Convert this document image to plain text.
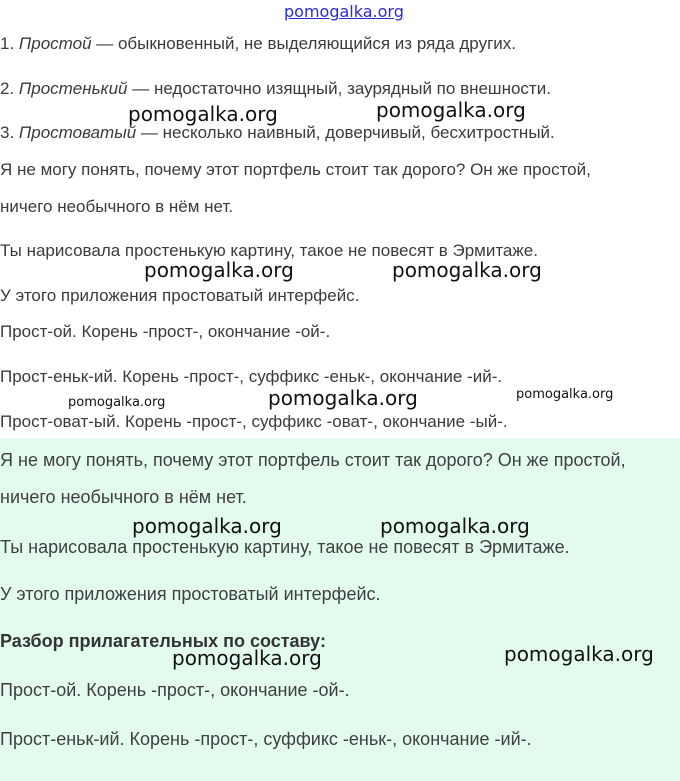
pomogalka.org
1. Простой — обыкновенный, не выделяющийся из ряда других.
2. Простенький — недостаточно изящный, заурядный по внешности.
3. Простоватый — несколько наивный, доверчивый, бесхитростный.
Я не могу понять, почему этот портфель стоит так дорого? Он же простой,
ничего необычного в нём нет.
Ты нарисовала простенькую картину, такое не повесят в Эрмитаже.
У этого приложения простоватый интерфейс.
Прост-ой. Корень -прост-, окончание -ой-.
Прост-еньк-ий. Корень -прост-, суффикс -еньк-, окончание -ий-.
Прост-оват-ый. Корень -прост-, суффикс -оват-, окончание -ый-.
Я не могу понять, почему этот портфель стоит так дорого? Он же простой,
ничего необычного в нём нет.
Ты нарисовала простенькую картину, такое не повесят в Эрмитаже.
У этого приложения простоватый интерфейс.
Разбор прилагательных по составу:
Прост-ой. Корень -прост-, окончание -ой-.
Прост-еньк-ий. Корень -прост-, суффикс -еньк-, окончание -ий-.
pomogalka.org	pomogalka.org
pomogalka.org	pomogalka.org
pomogalka.org	pomogalka.org	pomogalka.org
pomogalka.org	pomogalka.org
pomogalka.org	pomogalka.org
